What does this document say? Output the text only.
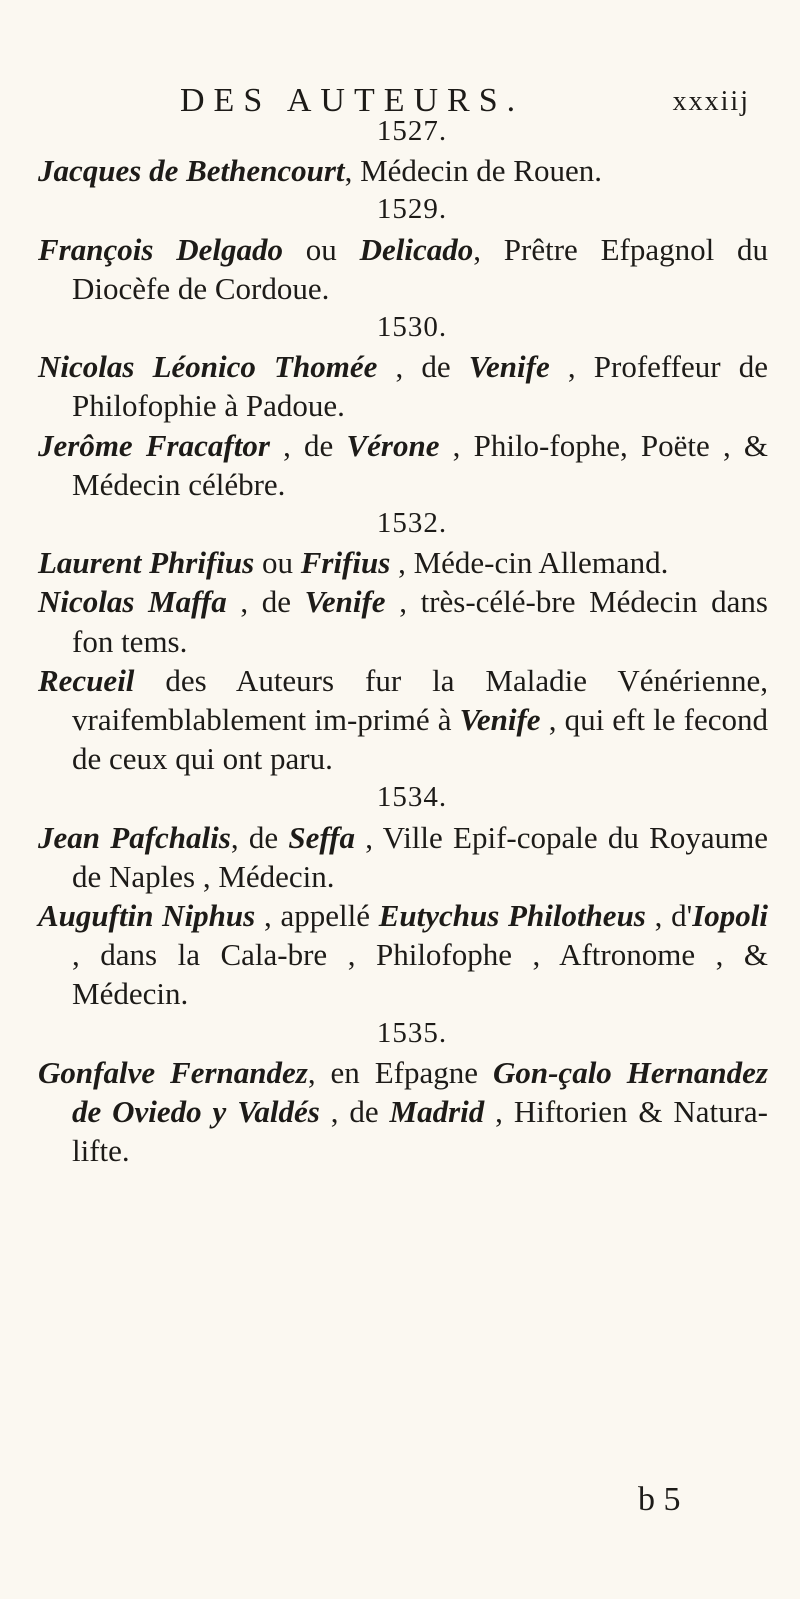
DES AUTEURS.	xxxiij
1527.
Jacques de Bethencourt, Médecin de Rouen.
1529.
François Delgado ou Delicado, Prêtre Efpagnol du Diocèfe de Cordoue.
1530.
Nicolas Léonico Thomée , de Venife , Profeffeur de Philofophie à Padoue.
Jerôme Fracaftor , de Vérone , Philo-fophe, Poëte , & Médecin célébre.
1532.
Laurent Phrifius ou Frifius , Méde-cin Allemand.
Nicolas Maffa , de Venife , très-célé-bre Médecin dans fon tems.
Recueil des Auteurs fur la Maladie Vénérienne, vraifemblablement im-primé à Venife , qui eft le fecond de ceux qui ont paru.
1534.
Jean Pafchalis, de Seffa , Ville Epif-copale du Royaume de Naples , Médecin.
Auguftin Niphus , appellé Eutychus Philotheus , d'Iopoli , dans la Cala-bre , Philofophe , Aftronome , & Médecin.
1535.
Gonfalve Fernandez, en Efpagne Gon-çalo Hernandez de Oviedo y Valdés , de Madrid , Hiftorien & Natura-lifte.
b 5
